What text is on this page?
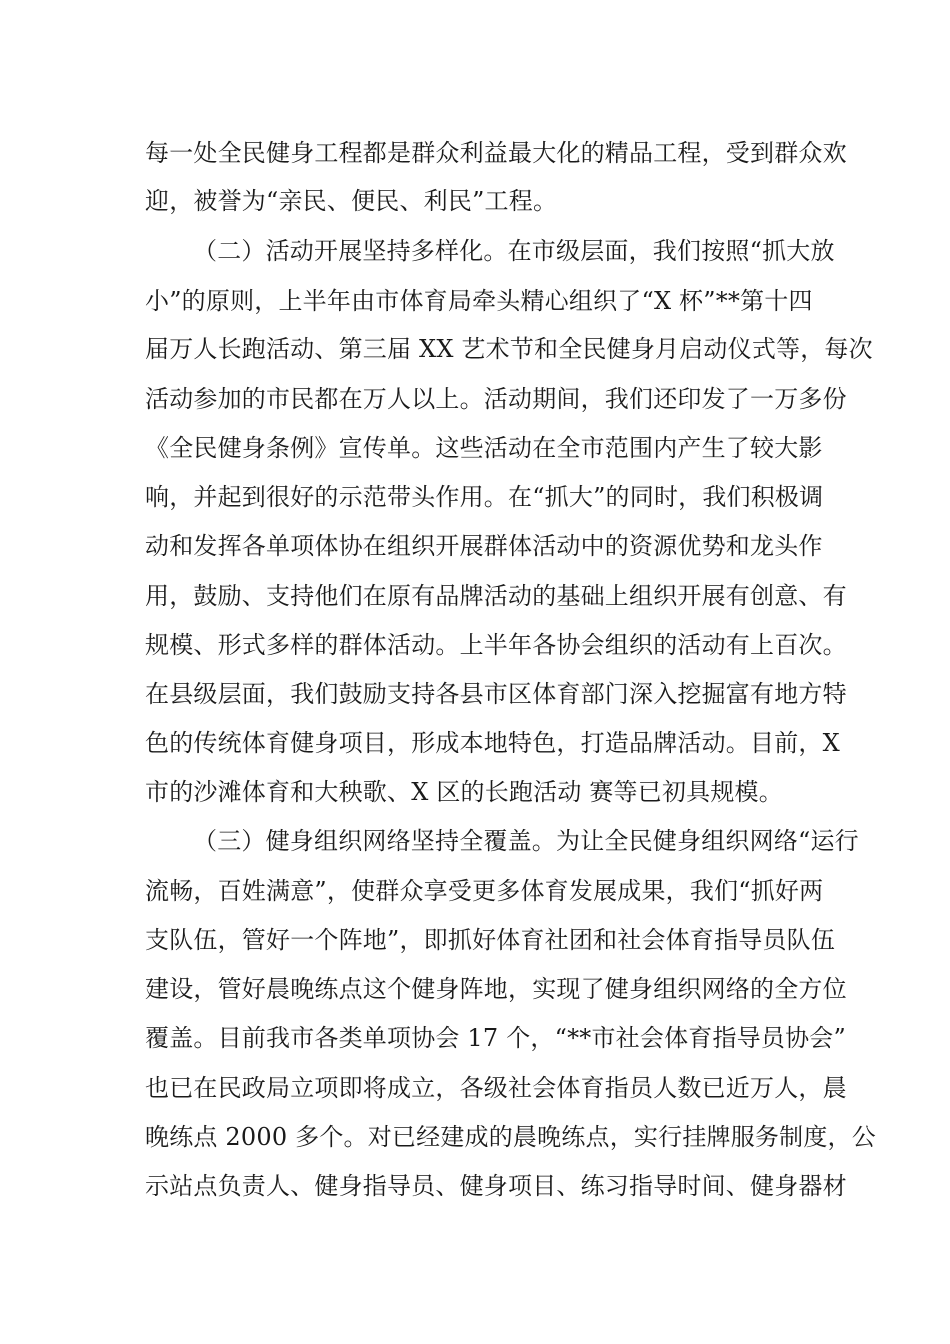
每一处全民健身工程都是群众利益最大化的精品工程，受到群众欢
迎，被誉为“亲民、便民、利民”工程。
（二）活动开展坚持多样化。在市级层面，我们按照“抓大放
小”的原则，上半年由市体育局牵头精心组织了“X 杯”**第十四
届万人长跑活动、第三届 XX 艺术节和全民健身月启动仪式等，每次
活动参加的市民都在万人以上。活动期间，我们还印发了一万多份
《全民健身条例》宣传单。这些活动在全市范围内产生了较大影
响，并起到很好的示范带头作用。在“抓大”的同时，我们积极调
动和发挥各单项体协在组织开展群体活动中的资源优势和龙头作
用，鼓励、支持他们在原有品牌活动的基础上组织开展有创意、有
规模、形式多样的群体活动。上半年各协会组织的活动有上百次。
在县级层面，我们鼓励支持各县市区体育部门深入挖掘富有地方特
色的传统体育健身项目，形成本地特色，打造品牌活动。目前，X
市的沙滩体育和大秧歌、X 区的长跑活动 赛等已初具规模。
（三）健身组织网络坚持全覆盖。为让全民健身组织网络“运行
流畅，百姓满意”，使群众享受更多体育发展成果，我们“抓好两
支队伍，管好一个阵地”，即抓好体育社团和社会体育指导员队伍
建设，管好晨晚练点这个健身阵地，实现了健身组织网络的全方位
覆盖。目前我市各类单项协会 17 个，“**市社会体育指导员协会”
也已在民政局立项即将成立，各级社会体育指员人数已近万人，晨
晚练点 2000 多个。对已经建成的晨晚练点，实行挂牌服务制度，公
示站点负责人、健身指导员、健身项目、练习指导时间、健身器材
